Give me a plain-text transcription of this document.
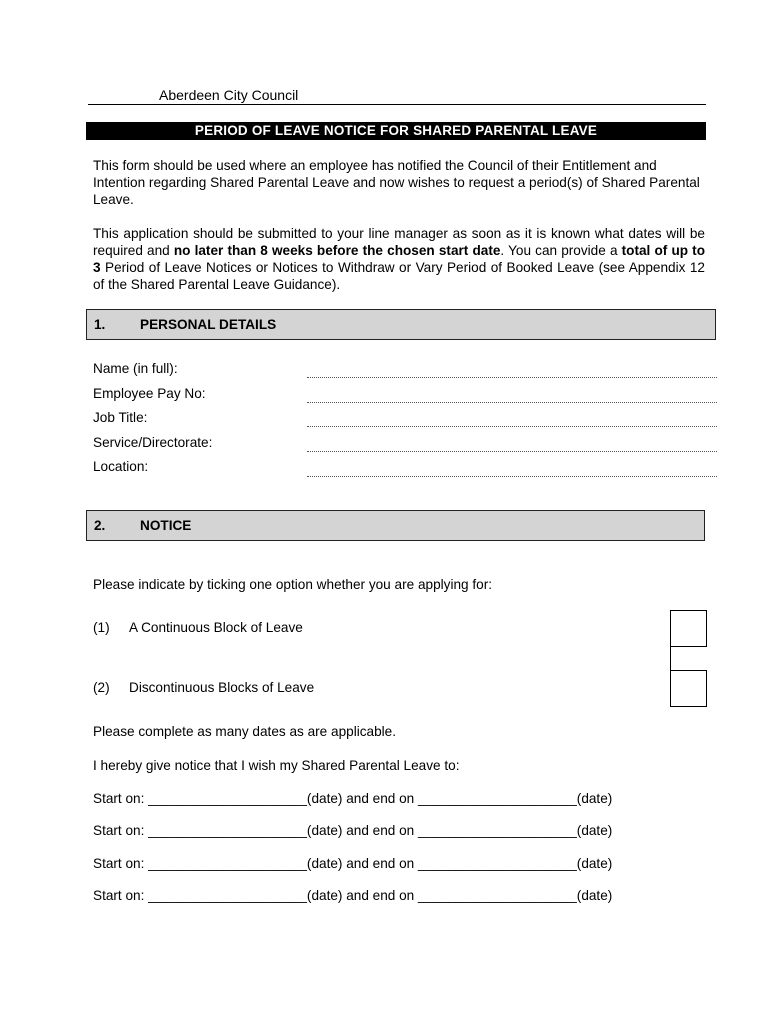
Aberdeen City Council
PERIOD OF LEAVE NOTICE FOR SHARED PARENTAL LEAVE
This form should be used where an employee has notified the Council of their Entitlement and Intention regarding Shared Parental Leave and now wishes to request a period(s) of Shared Parental Leave.
This application should be submitted to your line manager as soon as it is known what dates will be required and no later than 8 weeks before the chosen start date. You can provide a total of up to 3 Period of Leave Notices or Notices to Withdraw or Vary Period of Booked Leave (see Appendix 12 of the Shared Parental Leave Guidance).
1.	PERSONAL DETAILS
Name (in full):
Employee Pay No:
Job Title:
Service/Directorate:
Location:
2.	NOTICE
Please indicate by ticking one option whether you are applying for:
(1) A Continuous Block of Leave
(2) Discontinuous Blocks of Leave
Please complete as many dates as are applicable.
I hereby give notice that I wish my Shared Parental Leave to:
Start on: _____________________(date) and end on _____________________(date)
Start on: _____________________(date) and end on _____________________(date)
Start on: _____________________(date) and end on _____________________(date)
Start on: _____________________(date) and end on _____________________(date)
